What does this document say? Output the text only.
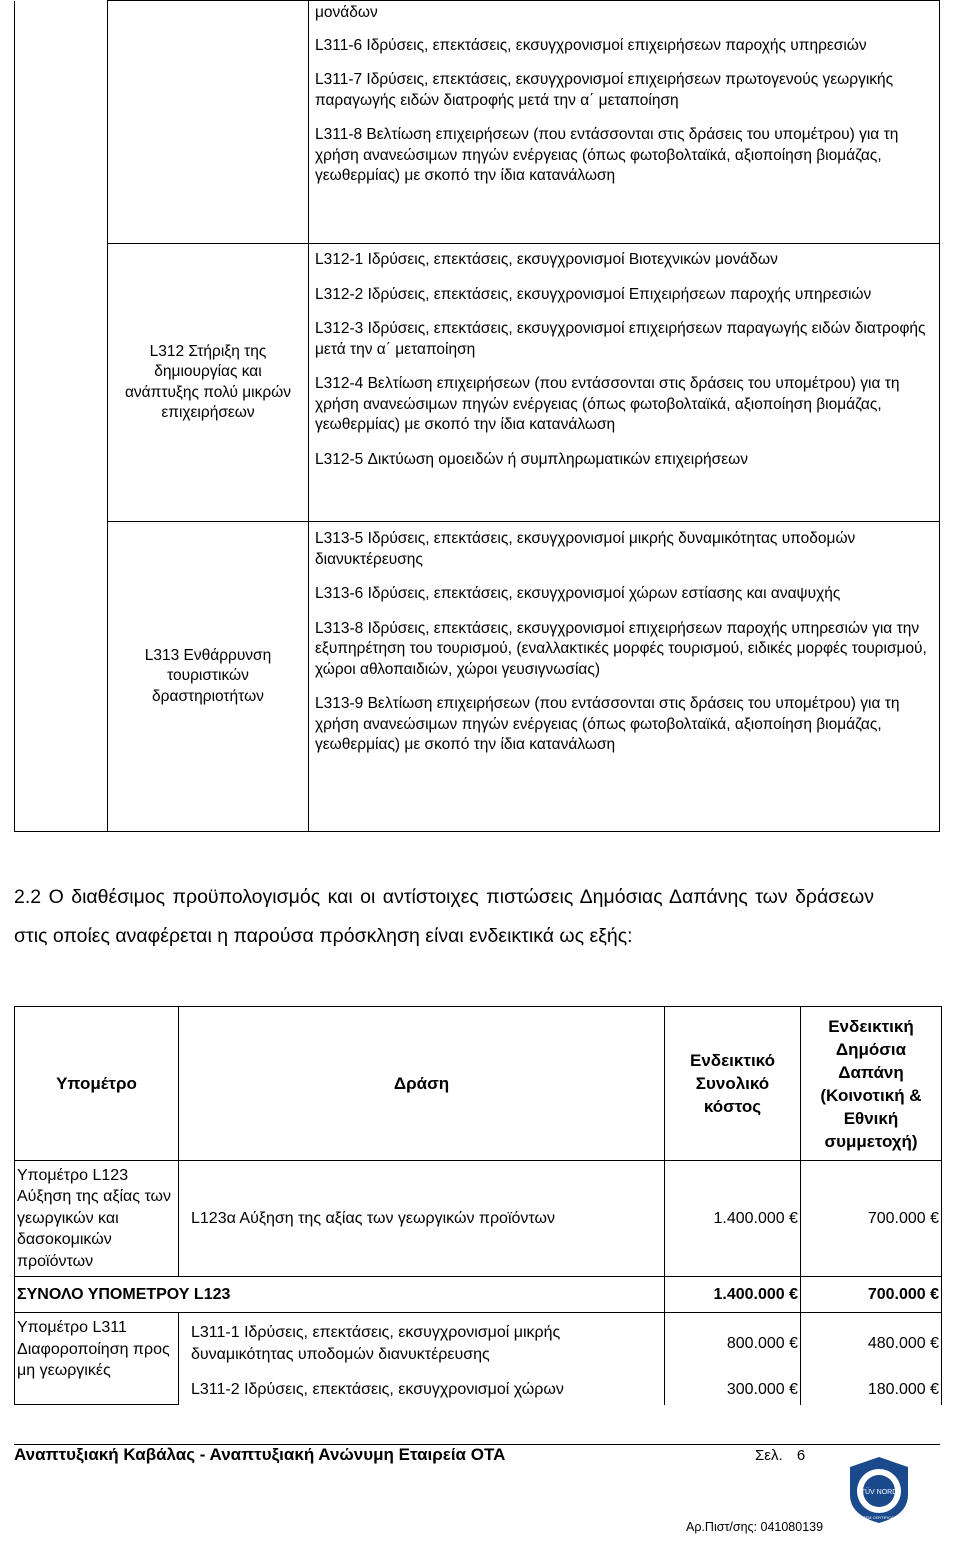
		μονάδων
L311-6 Ιδρύσεις, επεκτάσεις, εκσυγχρονισμοί επιχειρήσεων παροχής υπηρεσιών
L311-7 Ιδρύσεις, επεκτάσεις, εκσυγχρονισμοί επιχειρήσεων πρωτογενούς γεωργικής παραγωγής ειδών διατροφής μετά την α΄ μεταποίηση
L311-8 Βελτίωση επιχειρήσεων (που εντάσσονται στις δράσεις του υπομέτρου) για τη χρήση ανανεώσιμων πηγών ενέργειας (όπως φωτοβολταϊκά, αξιοποίηση βιομάζας, γεωθερμίας) με σκοπό την ίδια κατανάλωση

	L312 Στήριξη της δημιουργίας και ανάπτυξης πολύ μικρών επιχειρήσεων	L312-1 Ιδρύσεις, επεκτάσεις, εκσυγχρονισμοί Βιοτεχνικών μονάδων
L312-2 Ιδρύσεις, επεκτάσεις, εκσυγχρονισμοί Επιχειρήσεων παροχής υπηρεσιών
L312-3 Ιδρύσεις, επεκτάσεις, εκσυγχρονισμοί επιχειρήσεων παραγωγής ειδών διατροφής μετά την α΄ μεταποίηση
L312-4 Βελτίωση επιχειρήσεων (που εντάσσονται στις δράσεις του υπομέτρου) για τη χρήση ανανεώσιμων πηγών ενέργειας (όπως φωτοβολταϊκά, αξιοποίηση βιομάζας, γεωθερμίας) με σκοπό την ίδια κατανάλωση
L312-5 Δικτύωση ομοειδών ή συμπληρωματικών επιχειρήσεων

	L313 Ενθάρρυνση τουριστικών δραστηριοτήτων	L313-5 Ιδρύσεις, επεκτάσεις, εκσυγχρονισμοί μικρής δυναμικότητας υποδομών διανυκτέρευσης
L313-6 Ιδρύσεις, επεκτάσεις, εκσυγχρονισμοί χώρων εστίασης και αναψυχής
L313-8 Ιδρύσεις, επεκτάσεις, εκσυγχρονισμοί επιχειρήσεων παροχής υπηρεσιών για την εξυπηρέτηση του τουρισμού, (εναλλακτικές μορφές τουρισμού, ειδικές μορφές τουρισμού, χώροι αθλοπαιδιών, χώροι γευσιγνωσίας)
L313-9 Βελτίωση επιχειρήσεων (που εντάσσονται στις δράσεις του υπομέτρου) για τη χρήση ανανεώσιμων πηγών ενέργειας (όπως φωτοβολταϊκά, αξιοποίηση βιομάζας, γεωθερμίας) με σκοπό την ίδια κατανάλωση
2.2 Ο διαθέσιμος προϋπολογισμός και οι αντίστοιχες πιστώσεις Δημόσιας Δαπάνης των δράσεων στις οποίες αναφέρεται η παρούσα πρόσκληση είναι ενδεικτικά ως εξής:
Υπομέτρο	Δράση	Ενδεικτικό Συνολικό κόστος	Ενδεικτική Δημόσια Δαπάνη (Κοινοτική & Εθνική συμμετοχή)
Υπομέτρο L123 Αύξηση της αξίας των γεωργικών και δασοκομικών προϊόντων	L123α Αύξηση της αξίας των γεωργικών προϊόντων	1.400.000 €	700.000 €
ΣΥΝΟΛΟ ΥΠΟΜΕΤΡΟΥ L123		1.400.000 €	700.000 €
Υπομέτρο L311 Διαφοροποίηση προς μη γεωργικές	L311-1 Ιδρύσεις, επεκτάσεις, εκσυγχρονισμοί μικρής δυναμικότητας υποδομών διανυκτέρευσης	800.000 €	480.000 €
	L311-2 Ιδρύσεις, επεκτάσεις, εκσυγχρονισμοί χώρων	300.000 €	180.000 €
Αναπτυξιακή Καβάλας - Αναπτυξιακή Ανώνυμη Εταιρεία ΟΤΑ	Σελ. 6
TÜV NORD
SYSTEM CERTIFICATION
Αρ.Πιστ/σης: 041080139
